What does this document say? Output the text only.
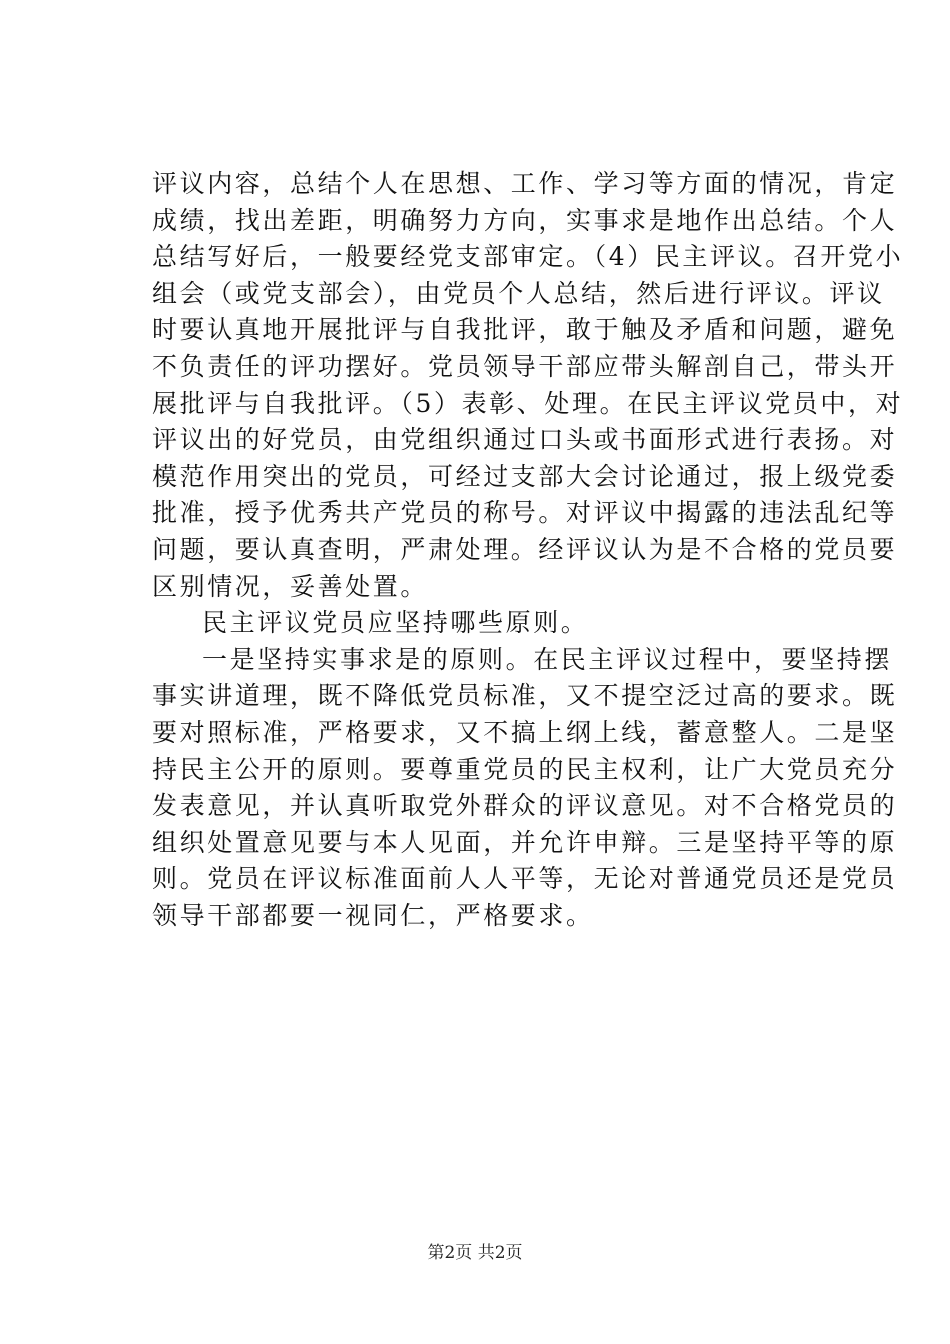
评议内容，总结个人在思想、工作、学习等方面的情况，肯定
成绩，找出差距，明确努力方向，实事求是地作出总结。个人
总结写好后，一般要经党支部审定。（4）民主评议。召开党小
组会（或党支部会），由党员个人总结，然后进行评议。评议
时要认真地开展批评与自我批评，敢于触及矛盾和问题，避免
不负责任的评功摆好。党员领导干部应带头解剖自己，带头开
展批评与自我批评。（5）表彰、处理。在民主评议党员中，对
评议出的好党员，由党组织通过口头或书面形式进行表扬。对
模范作用突出的党员，可经过支部大会讨论通过，报上级党委
批准，授予优秀共产党员的称号。对评议中揭露的违法乱纪等
问题，要认真查明，严肃处理。经评议认为是不合格的党员要
区别情况，妥善处置。
民主评议党员应坚持哪些原则。
一是坚持实事求是的原则。在民主评议过程中，要坚持摆
事实讲道理，既不降低党员标准，又不提空泛过高的要求。既
要对照标准，严格要求，又不搞上纲上线，蓄意整人。二是坚
持民主公开的原则。要尊重党员的民主权利，让广大党员充分
发表意见，并认真听取党外群众的评议意见。对不合格党员的
组织处置意见要与本人见面，并允许申辩。三是坚持平等的原
则。党员在评议标准面前人人平等，无论对普通党员还是党员
领导干部都要一视同仁，严格要求。
第2页 共2页
